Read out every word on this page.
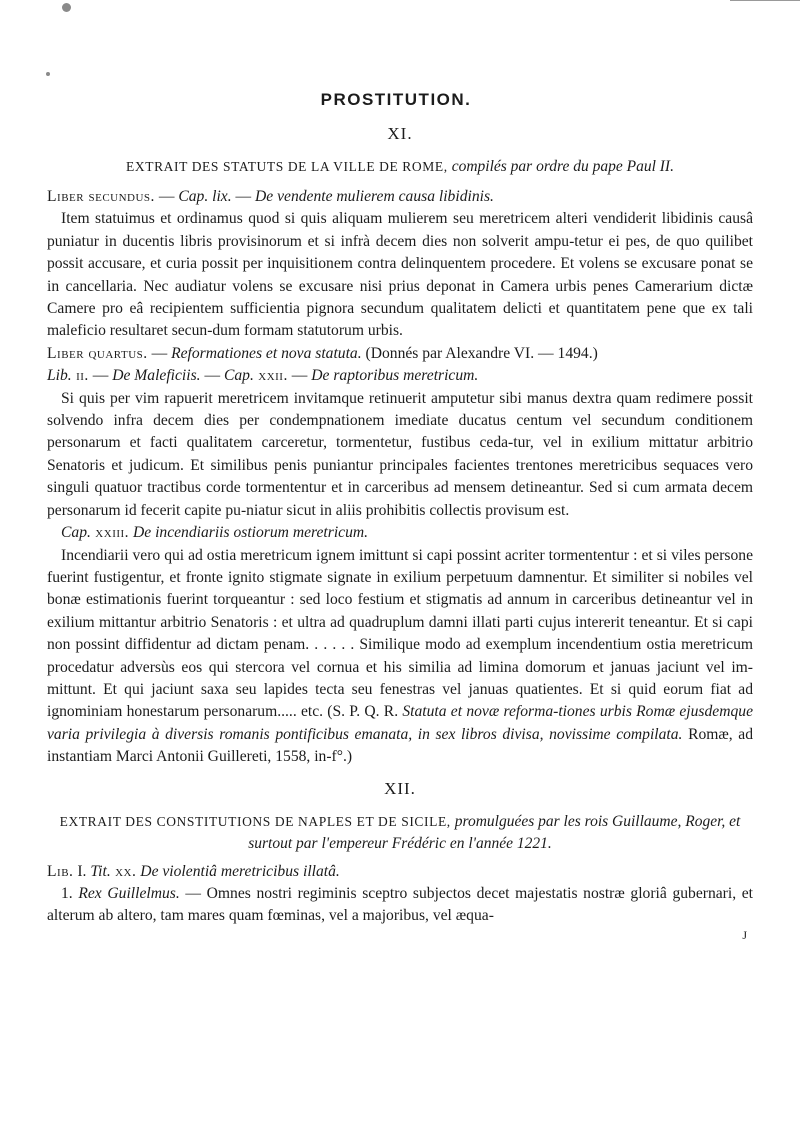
PROSTITUTION.
XI.
EXTRAIT DES STATUTS DE LA VILLE DE ROME, compilés par ordre du pape Paul II.

Liber secundus. — Cap. lix. — De vendente mulierem causa libidinis.

Item statuimus et ordinamus quod si quis aliquam mulierem seu meretricem alteri vendiderit libidinis causâ puniatur in ducentis libris provisinorum et si infrà decem dies non solverit ampu-tetur ei pes, de quo quilibet possit accusare, et curia possit per inquisitionem contra delinquentem procedere. Et volens se excusare ponat se in cancellaria. Nec audiatur volens se excusare nisi prius deponat in Camera urbis penes Camerarium dictæ Camere pro eâ recipientem sufficientia pignora secundum qualitatem delicti et quantitatem pene que ex tali maleficio resultaret secun-dum formam statutorum urbis.

Liber quartus. — Reformationes et nova statuta. (Donnés par Alexandre VI. — 1494.)
Lib. ii. — De Maleficiis. — Cap. xxii. — De raptoribus meretricum.

Si quis per vim rapuerit meretricem invitamque retinuerit amputetur sibi manus dextra quam redimere possit solvendo infra decem dies per condempnationem imediate ducatus centum vel secundum conditionem personarum et facti qualitatem carceretur, tormentetur, fustibus ceda-tur, vel in exilium mittatur arbitrio Senatoris et judicum. Et similibus penis puniantur principales facientes trentones meretricibus sequaces vero singuli quatuor tractibus corde tormententur et in carceribus ad mensem detineantur. Sed si cum armata decem personarum id fecerit capite pu-niatur sicut in aliis prohibitis collectis provisum est.

Cap. xxiii. De incendiariis ostiorum meretricum.

Incendiarii vero qui ad ostia meretricum ignem imittunt si capi possint acriter tormententur : et si viles persone fuerint fustigentur, et fronte ignito stigmate signate in exilium perpetuum damnentur. Et similiter si nobiles vel bonæ estimationis fuerint torqueantur : sed loco festium et stigmatis ad annum in carceribus detineantur vel in exilium mittantur arbitrio Senatoris : et ultra ad quadruplum damni illati parti cujus intererit teneantur. Et si capi non possint diffidentur ad dictam penam. . . . . . Similique modo ad exemplum incendentium ostia meretricum procedatur adversùs eos qui stercora vel cornua et his similia ad limina domorum et januas jaciunt vel im-mittunt. Et qui jaciunt saxa seu lapides tecta seu fenestras vel januas quatientes. Et si quid eorum fiat ad ignominiam honestarum personarum..... etc. (S. P. Q. R. Statuta et novæ reforma-tiones urbis Romæ ejusdemque varia privilegia à diversis romanis pontificibus emanata, in sex libros divisa, novissime compilata. Romæ, ad instantiam Marci Antonii Guillereti, 1558, in-f°.)

XII.
EXTRAIT DES CONSTITUTIONS DE NAPLES ET DE SICILE, promulguées par les rois Guillaume, Roger, et surtout par l'empereur Frédéric en l'année 1221.

Lib. I. Tit. xx. De violentiâ meretricibus illatâ.

1. Rex Guillelmus. — Omnes nostri regiminis sceptro subjectos decet majestatis nostræ gloriâ gubernari, et alterum ab altero, tam mares quam fœminas, vel a majoribus, vel æqua-

J
